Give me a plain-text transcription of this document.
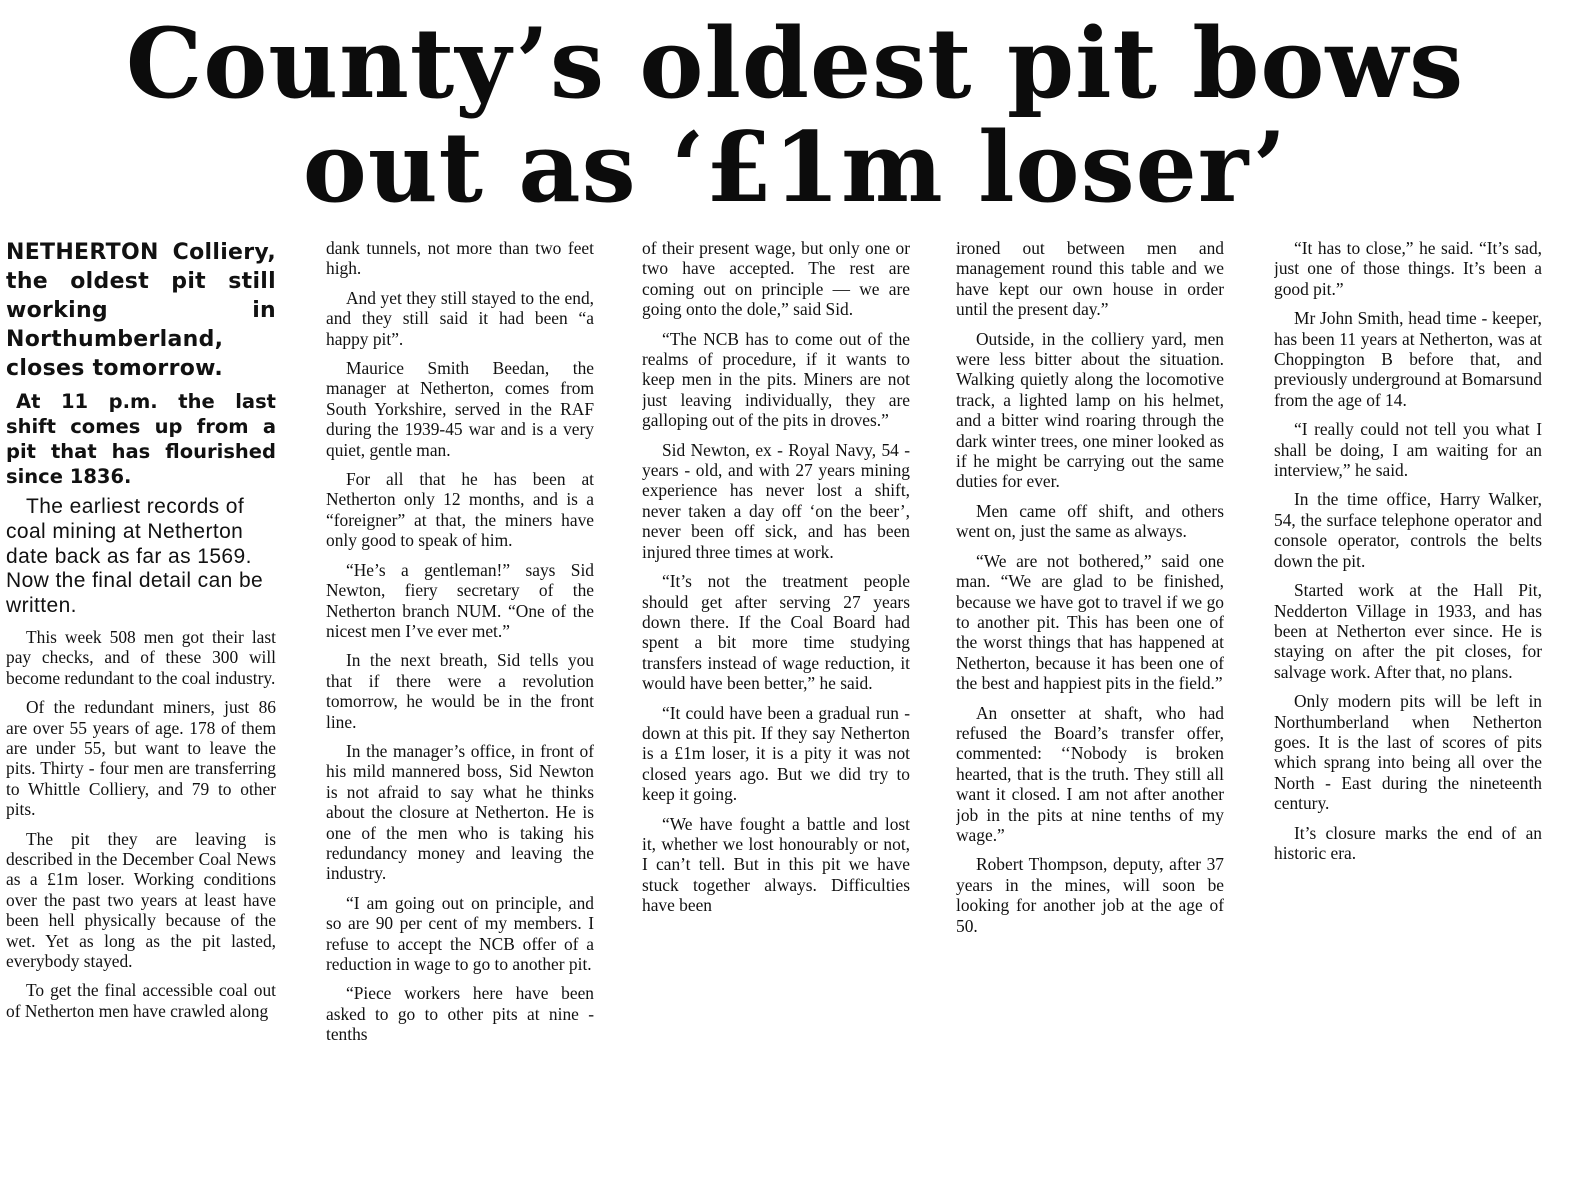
County’s oldest pit bows
out as ‘£1m loser’

NETHERTON Colliery, the oldest pit still working in Northumberland, closes tomorrow.

At 11 p.m. the last shift comes up from a pit that has flourished since 1836.

The earliest records of coal mining at Netherton date back as far as 1569. Now the final detail can be written.

This week 508 men got their last pay checks, and of these 300 will become redundant to the coal industry.

Of the redundant miners, just 86 are over 55 years of age. 178 of them are under 55, but want to leave the pits. Thirty - four men are transferring to Whittle Colliery, and 79 to other pits.

The pit they are leaving is described in the December Coal News as a £1m loser. Working conditions over the past two years at least have been hell physically because of the wet. Yet as long as the pit lasted, everybody stayed.

To get the final accessible coal out of Netherton men have crawled along

dank tunnels, not more than two feet high.

And yet they still stayed to the end, and they still said it had been “a happy pit”.

Maurice Smith Beedan, the manager at Netherton, comes from South Yorkshire, served in the RAF during the 1939-45 war and is a very quiet, gentle man.

For all that he has been at Netherton only 12 months, and is a “foreigner” at that, the miners have only good to speak of him.

“He’s a gentleman!” says Sid Newton, fiery secretary of the Netherton branch NUM. “One of the nicest men I’ve ever met.”

In the next breath, Sid tells you that if there were a revolution tomorrow, he would be in the front line.

In the manager’s office, in front of his mild mannered boss, Sid Newton is not afraid to say what he thinks about the closure at Netherton. He is one of the men who is taking his redundancy money and leaving the industry.

“I am going out on principle, and so are 90 per cent of my members. I refuse to accept the NCB offer of a reduction in wage to go to another pit.

“Piece workers here have been asked to go to other pits at nine - tenths

of their present wage, but only one or two have accepted. The rest are coming out on principle — we are going onto the dole,” said Sid.

“The NCB has to come out of the realms of procedure, if it wants to keep men in the pits. Miners are not just leaving individually, they are galloping out of the pits in droves.”

Sid Newton, ex - Royal Navy, 54 - years - old, and with 27 years mining experience has never lost a shift, never taken a day off ‘on the beer’, never been off sick, and has been injured three times at work.

“It’s not the treatment people should get after serving 27 years down there. If the Coal Board had spent a bit more time studying transfers instead of wage reduction, it would have been better,” he said.

“It could have been a gradual run - down at this pit. If they say Netherton is a £1m loser, it is a pity it was not closed years ago. But we did try to keep it going.

“We have fought a battle and lost it, whether we lost honourably or not, I can’t tell. But in this pit we have stuck together always. Difficulties have been

ironed out between men and management round this table and we have kept our own house in order until the present day.”

Outside, in the colliery yard, men were less bitter about the situation. Walking quietly along the locomotive track, a lighted lamp on his helmet, and a bitter wind roaring through the dark winter trees, one miner looked as if he might be carrying out the same duties for ever.

Men came off shift, and others went on, just the same as always.

“We are not bothered,” said one man. “We are glad to be finished, because we have got to travel if we go to another pit. This has been one of the worst things that has happened at Netherton, because it has been one of the best and happiest pits in the field.”

An onsetter at shaft, who had refused the Board’s transfer offer, commented: ‘‘Nobody is broken hearted, that is the truth. They still all want it closed. I am not after another job in the pits at nine tenths of my wage.”

Robert Thompson, deputy, after 37 years in the mines, will soon be looking for another job at the age of 50.

“It has to close,” he said. “It’s sad, just one of those things. It’s been a good pit.”

Mr John Smith, head time - keeper, has been 11 years at Netherton, was at Choppington B before that, and previously underground at Bomarsund from the age of 14.

“I really could not tell you what I shall be doing, I am waiting for an interview,” he said.

In the time office, Harry Walker, 54, the surface telephone operator and console operator, controls the belts down the pit.

Started work at the Hall Pit, Nedderton Village in 1933, and has been at Netherton ever since. He is staying on after the pit closes, for salvage work. After that, no plans.

Only modern pits will be left in Northumberland when Netherton goes. It is the last of scores of pits which sprang into being all over the North - East during the nineteenth century.

It’s closure marks the end of an historic era.
